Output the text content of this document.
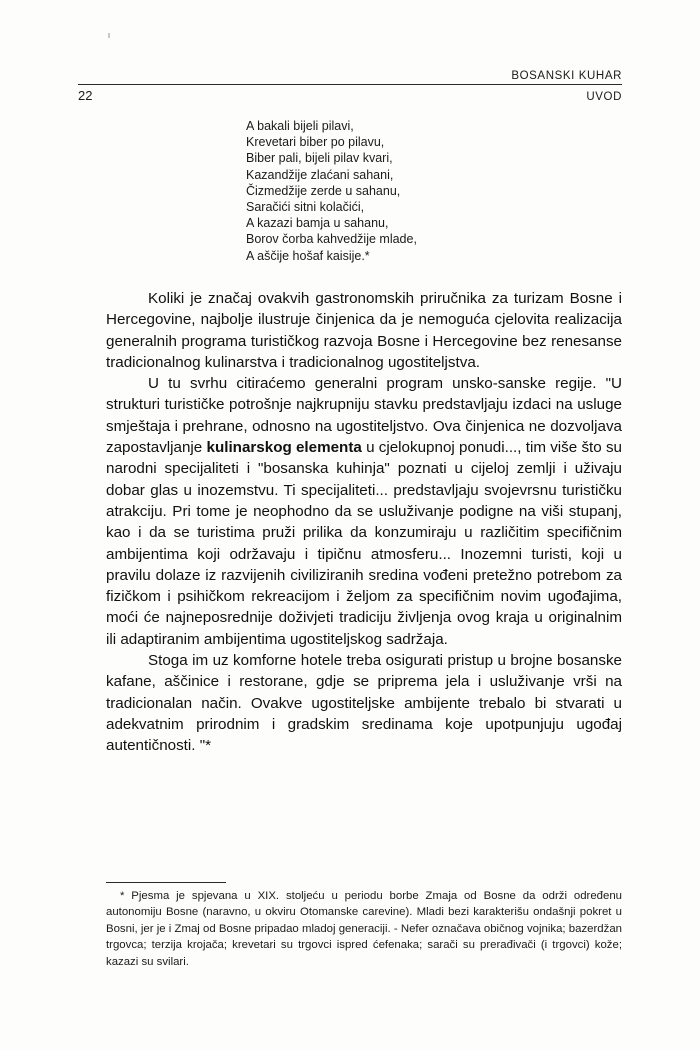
BOSANSKI KUHAR
22	UVOD
A bakali bijeli pilavi,
Krevetari biber po pilavu,
Biber pali, bijeli pilav kvari,
Kazandžije zlaćani sahani,
Čizmedžije zerde u sahanu,
Saračići sitni kolačići,
A kazazi bamja u sahanu,
Borov čorba kahvedžije mlade,
A aščije hošaf kaisije.*

Koliki je značaj ovakvih gastronomskih priručnika za turizam Bosne i Hercegovine, najbolje ilustruje činjenica da je nemoguća cjelovita realizacija generalnih programa turističkog razvoja Bosne i Hercegovine bez renesanse tradicionalnog kulinarstva i tradicionalnog ugostiteljstva.

U tu svrhu citiraćemo generalni program unsko-sanske regije. "U strukturi turističke potrošnje najkrupniju stavku predstavljaju izdaci na usluge smještaja i prehrane, odnosno na ugostiteljstvo. Ova činjenica ne dozvoljava zapostavljanje kulinarskog elementa u cjelokupnoj ponudi..., tim više što su narodni specijaliteti i "bosanska kuhinja" poznati u cijeloj zemlji i uživaju dobar glas u inozemstvu. Ti specijaliteti... predstavljaju svojevrsnu turističku atrakciju. Pri tome je neophodno da se usluživanje podigne na viši stupanj, kao i da se turistima pruži prilika da konzumiraju u različitim specifičnim ambijentima koji održavaju i tipičnu atmosferu... Inozemni turisti, koji u pravilu dolaze iz razvijenih civiliziranih sredina vođeni pretežno potrebom za fizičkom i psihičkom rekreacijom i željom za specifičnim novim ugođajima, moći će najneposrednije doživjeti tradiciju življenja ovog kraja u originalnim ili adaptiranim ambijentima ugostiteljskog sadržaja.

Stoga im uz komforne hotele treba osigurati pristup u brojne bosanske kafane, aščinice i restorane, gdje se priprema jela i usluživanje vrši na tradicionalan način. Ovakve ugostiteljske ambijente trebalo bi stvarati u adekvatnim prirodnim i gradskim sredinama koje upotpunjuju ugođaj autentičnosti. "*

* Pjesma je spjevana u XIX. stoljeću u periodu borbe Zmaja od Bosne da održi određenu autonomiju Bosne (naravno, u okviru Otomanske carevine). Mladi bezi karakterišu ondašnji pokret u Bosni, jer je i Zmaj od Bosne pripadao mladoj generaciji. - Nefer označava običnog vojnika; bazerdžan trgovca; terzija krojača; krevetari su trgovci ispred ćefenaka; sarači su prerađivači (i trgovci) kože; kazazi su svilari.
